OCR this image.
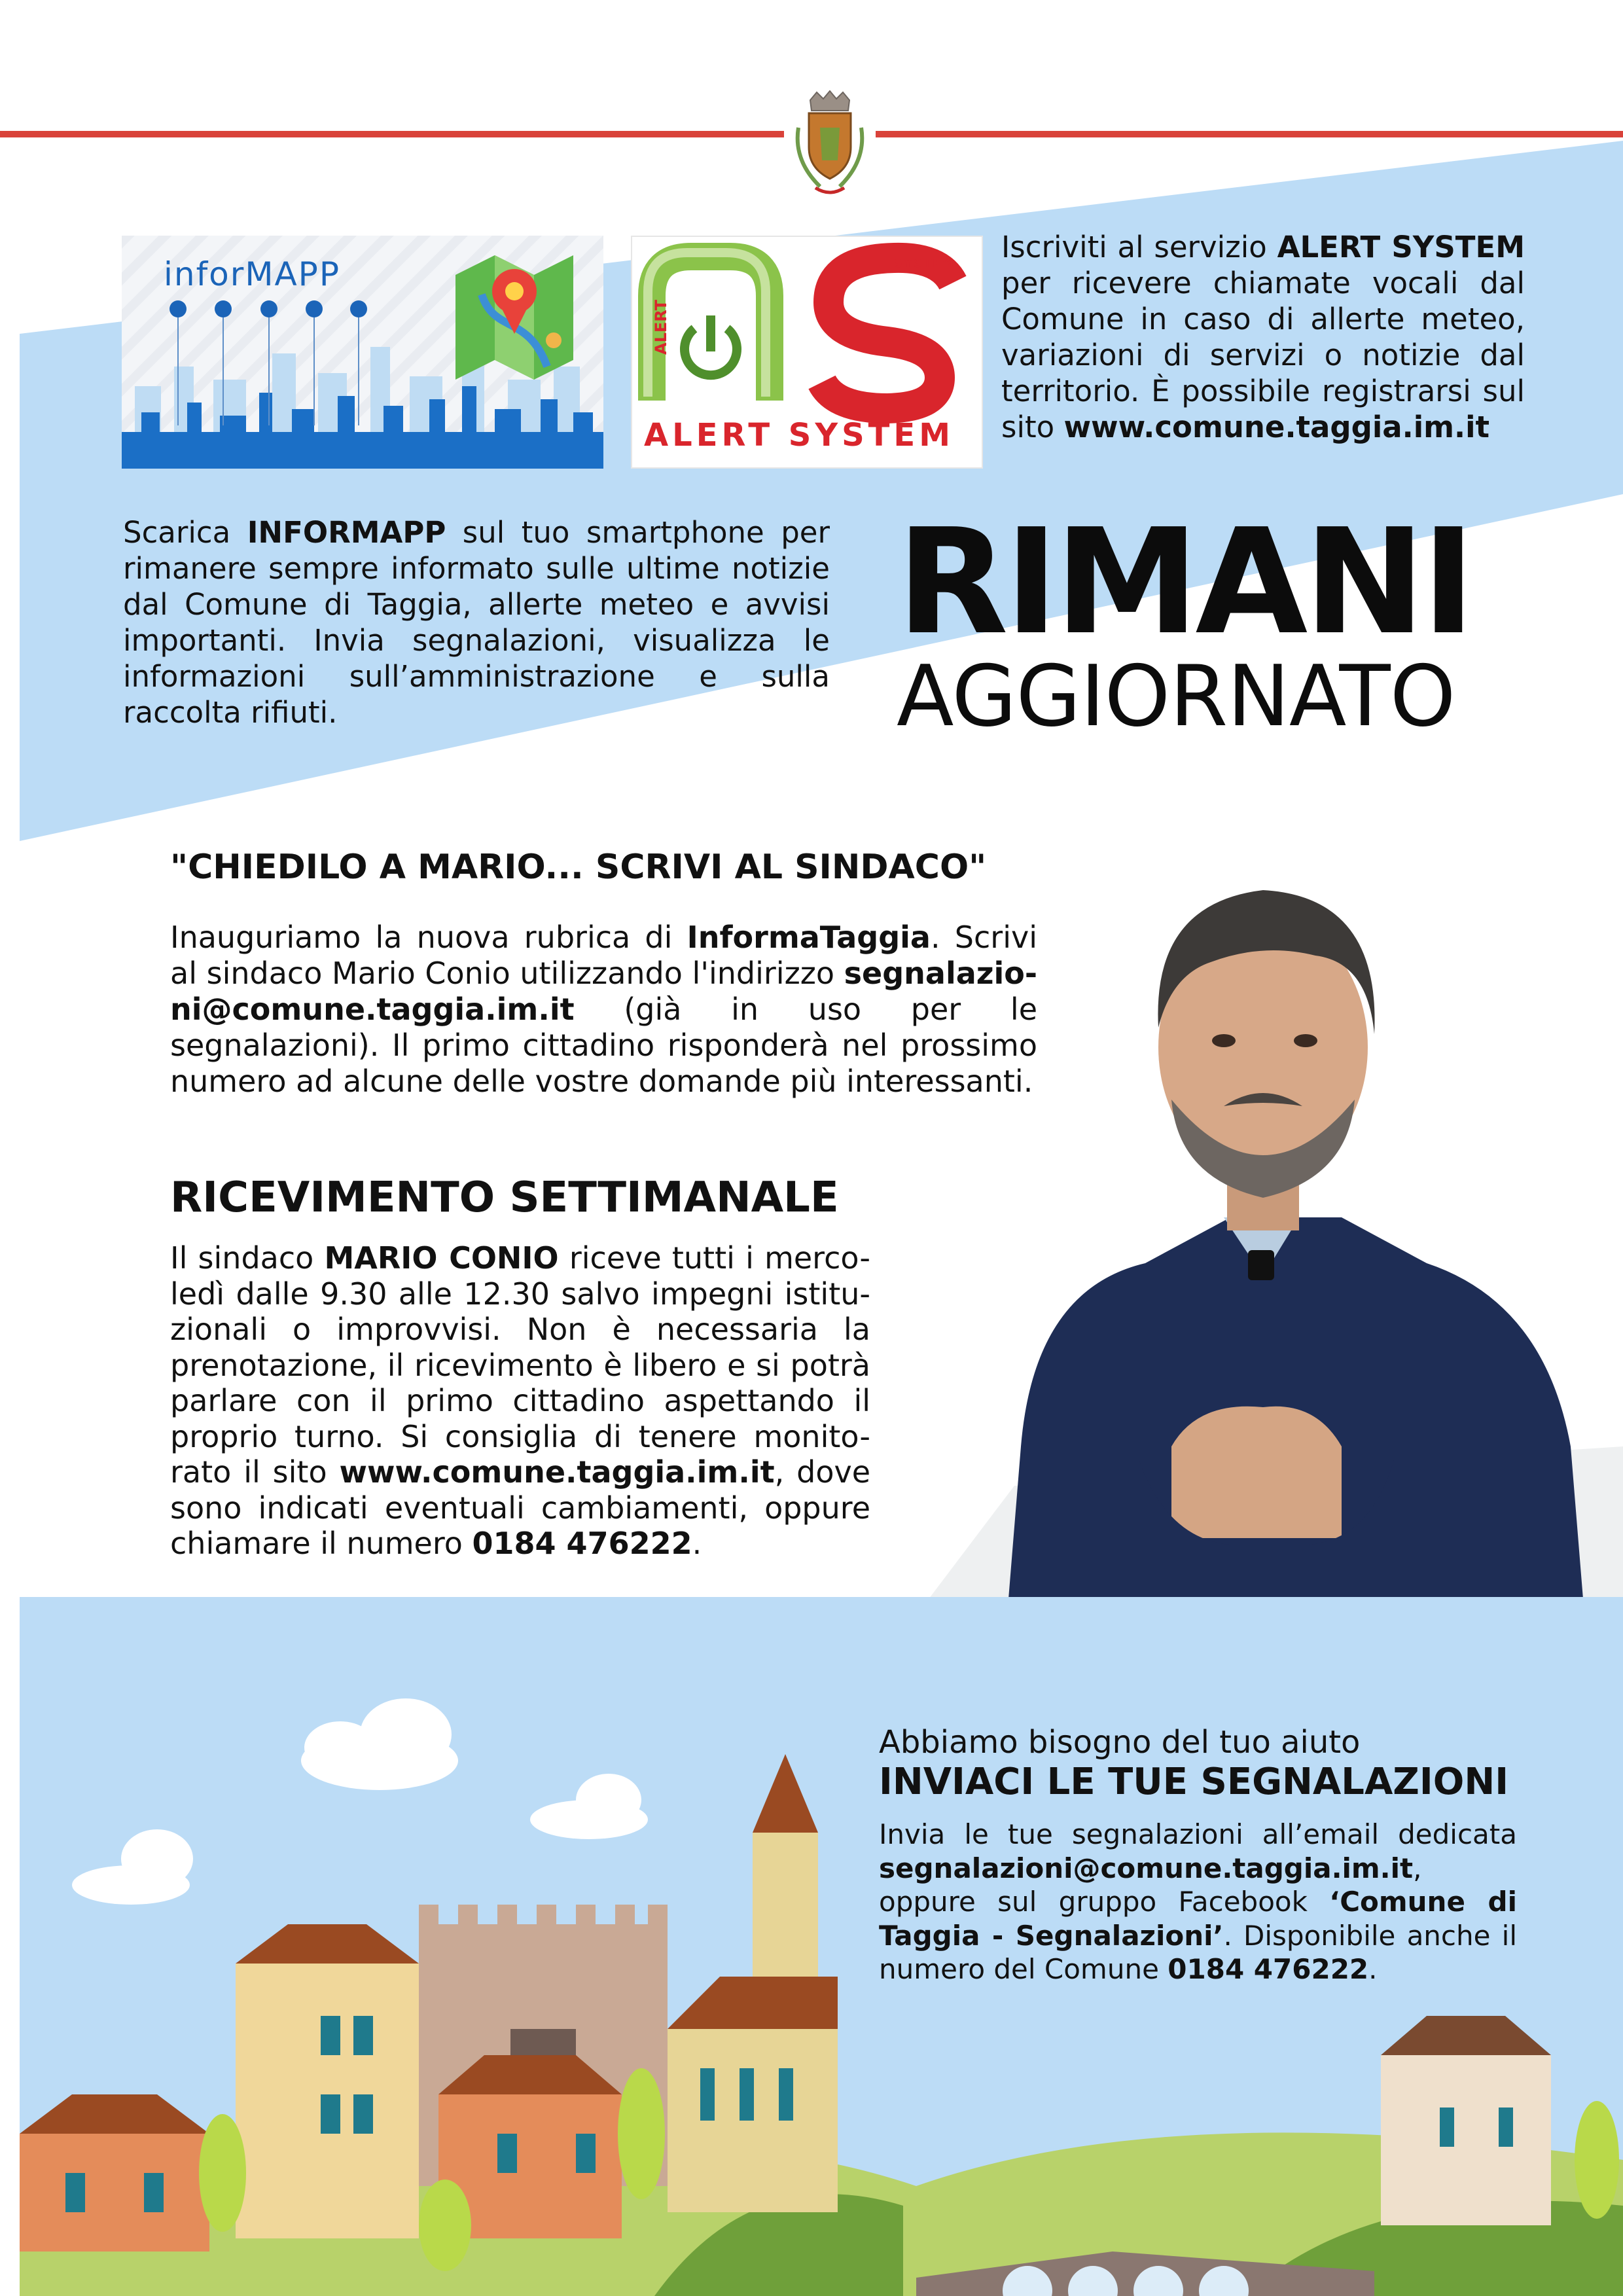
inforMAPP	SYSTEM
ALERT
ALERT SYSTEM
Iscriviti al servizio ALERT SYSTEM per ricevere chiamate vocali dal Comune in caso di allerte meteo, variazioni di servizi o notizie dal territorio. È possibile registrarsi sul sito www.comune.taggia.im.it
Scarica INFORMAPP sul tuo smartphone per rimanere sempre informato sulle ultime notizie dal Comune di Taggia, allerte meteo e avvisi importanti. Invia segnalazioni, visualizza le informazioni sull’amministrazione e sulla raccolta rifiuti.
RIMANI
AGGIORNATO
"CHIEDILO A MARIO... SCRIVI AL SINDACO"
Inauguriamo la nuova rubrica di InformaTaggia. Scrivi al sindaco Mario Conio utilizzando l'indirizzo segnalazio-ni@comune.taggia.im.it (già in uso per le segnalazioni). Il primo cittadino risponderà nel prossimo numero ad alcune delle vostre domande più interessanti.
RICEVIMENTO SETTIMANALE
Il sindaco MARIO CONIO riceve tutti i merco-ledì dalle 9.30 alle 12.30 salvo impegni istitu-zionali o improvvisi. Non è necessaria la prenotazione, il ricevimento è libero e si potrà parlare con il primo cittadino aspettando il proprio turno. Si consiglia di tenere monito-rato il sito www.comune.taggia.im.it, dove sono indicati eventuali cambiamenti, oppure chiamare il numero 0184 476222.
Abbiamo bisogno del tuo aiuto
INVIACI LE TUE SEGNALAZIONI
Invia le tue segnalazioni all’email dedicata segnalazioni@comune.taggia.im.it, oppure sul gruppo Facebook ‘Comune di Taggia - Segnalazioni’. Disponibile anche il numero del Comune 0184 476222.
